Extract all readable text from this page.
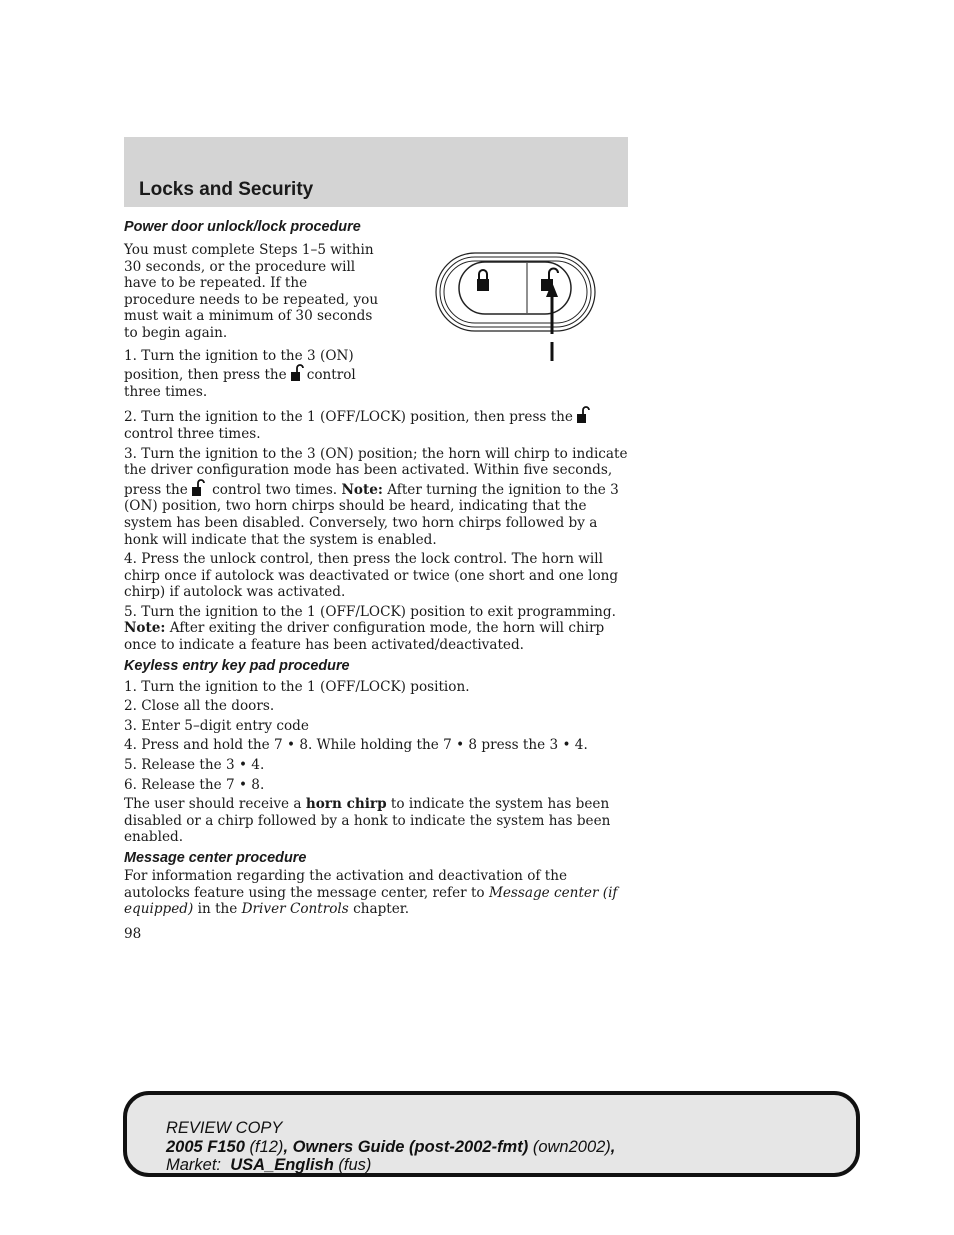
Locks and Security
Power door unlock/lock procedure

You must complete Steps 1–5 within 30 seconds, or the procedure will have to be repeated. If the procedure needs to be repeated, you must wait a minimum of 30 seconds to begin again.

1. Turn the ignition to the 3 (ON) position, then press the control three times.

2. Turn the ignition to the 1 (OFF/LOCK) position, then press the
control three times.

3. Turn the ignition to the 3 (ON) position; the horn will chirp to indicate the driver configuration mode has been activated. Within five seconds, press the control two times. Note: After turning the ignition to the 3 (ON) position, two horn chirps should be heard, indicating that the system has been disabled. Conversely, two horn chirps followed by a honk will indicate that the system is enabled.

4. Press the unlock control, then press the lock control. The horn will chirp once if autolock was deactivated or twice (one short and one long chirp) if autolock was activated.

5. Turn the ignition to the 1 (OFF/LOCK) position to exit programming.
Note: After exiting the driver configuration mode, the horn will chirp once to indicate a feature has been activated/deactivated.

Keyless entry key pad procedure

1. Turn the ignition to the 1 (OFF/LOCK) position.

2. Close all the doors.

3. Enter 5–digit entry code

4. Press and hold the 7 • 8. While holding the 7 • 8 press the 3 • 4.

5. Release the 3 • 4.

6. Release the 7 • 8.

The user should receive a horn chirp to indicate the system has been disabled or a chirp followed by a honk to indicate the system has been enabled.

Message center procedure

For information regarding the activation and deactivation of the autolocks feature using the message center, refer to Message center (if equipped) in the Driver Controls chapter.

98
REVIEW COPY
2005 F150 (f12), Owners Guide (post-2002-fmt) (own2002),
Market: USA_English (fus)
